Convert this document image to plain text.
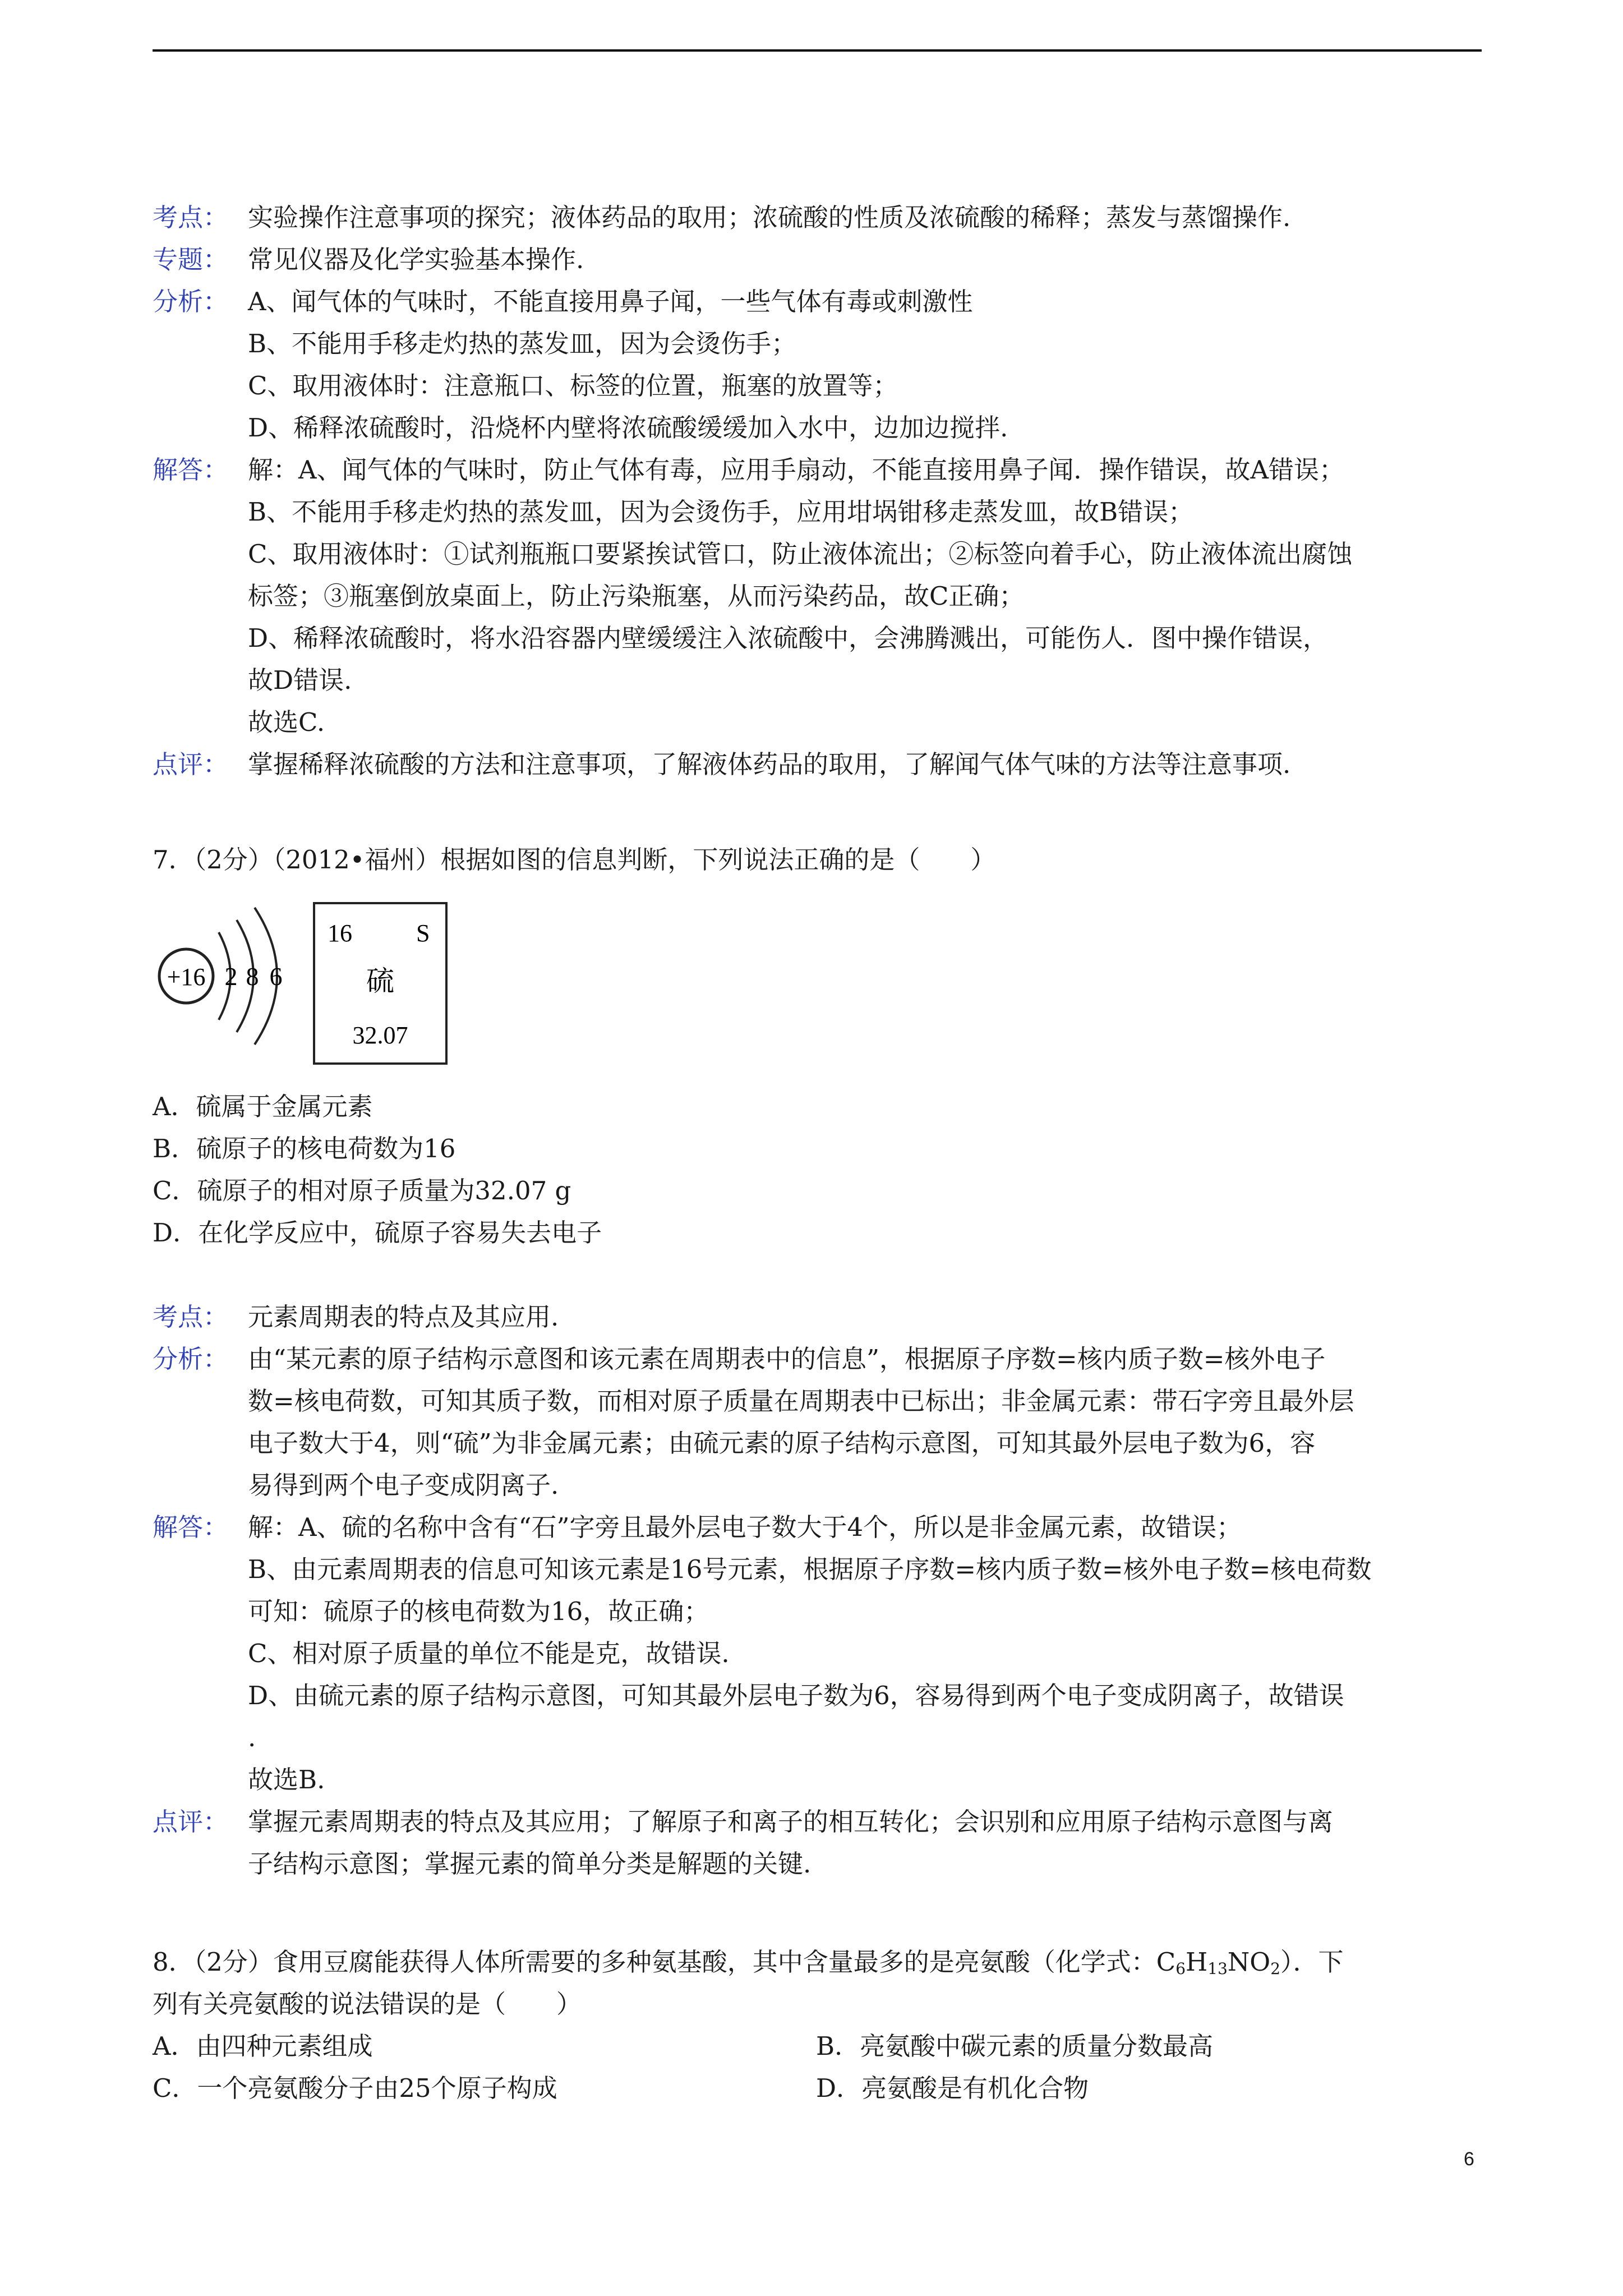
考点： 实验操作注意事项的探究；液体药品的取用；浓硫酸的性质及浓硫酸的稀释；蒸发与蒸馏操作.
专题： 常见仪器及化学实验基本操作.
分析： A、闻气体的气味时，不能直接用鼻子闻，一些气体有毒或刺激性
B、不能用手移走灼热的蒸发皿，因为会烫伤手；
C、取用液体时：注意瓶口、标签的位置，瓶塞的放置等；
D、稀释浓硫酸时，沿烧杯内壁将浓硫酸缓缓加入水中，边加边搅拌.
解答： 解：A、闻气体的气味时，防止气体有毒，应用手扇动，不能直接用鼻子闻．操作错误，故A错误；
B、不能用手移走灼热的蒸发皿，因为会烫伤手，应用坩埚钳移走蒸发皿，故B错误；
C、取用液体时：①试剂瓶瓶口要紧挨试管口，防止液体流出；②标签向着手心，防止液体流出腐蚀
标签；③瓶塞倒放桌面上，防止污染瓶塞，从而污染药品，故C正确；
D、稀释浓硫酸时，将水沿容器内壁缓缓注入浓硫酸中，会沸腾溅出，可能伤人．图中操作错误，
故D错误.
故选C.
点评： 掌握稀释浓硫酸的方法和注意事项，了解液体药品的取用，了解闻气体气味的方法等注意事项.
7．（2分）（2012•福州）根据如图的信息判断，下列说法正确的是（　　）
+16 2 8 6
16	S
硫
32.07
A．硫属于金属元素
B．硫原子的核电荷数为16
C．硫原子的相对原子质量为32.07 g
D．在化学反应中，硫原子容易失去电子
考点： 元素周期表的特点及其应用.
分析： 由“某元素的原子结构示意图和该元素在周期表中的信息”，根据原子序数=核内质子数=核外电子
数=核电荷数，可知其质子数，而相对原子质量在周期表中已标出；非金属元素：带石字旁且最外层
电子数大于4，则“硫”为非金属元素；由硫元素的原子结构示意图，可知其最外层电子数为6，容
易得到两个电子变成阴离子.
解答： 解：A、硫的名称中含有“石”字旁且最外层电子数大于4个，所以是非金属元素，故错误；
B、由元素周期表的信息可知该元素是16号元素，根据原子序数=核内质子数=核外电子数=核电荷数
可知：硫原子的核电荷数为16，故正确；
C、相对原子质量的单位不能是克，故错误.
D、由硫元素的原子结构示意图，可知其最外层电子数为6，容易得到两个电子变成阴离子，故错误
.
故选B.
点评： 掌握元素周期表的特点及其应用；了解原子和离子的相互转化；会识别和应用原子结构示意图与离
子结构示意图；掌握元素的简单分类是解题的关键.
8．（2分）食用豆腐能获得人体所需要的多种氨基酸，其中含量最多的是亮氨酸（化学式：$C_6H_{13}NO_2$）．下
列有关亮氨酸的说法错误的是（　　）
A．由四种元素组成	B．亮氨酸中碳元素的质量分数最高
C．一个亮氨酸分子由25个原子构成	D．亮氨酸是有机化合物
6
